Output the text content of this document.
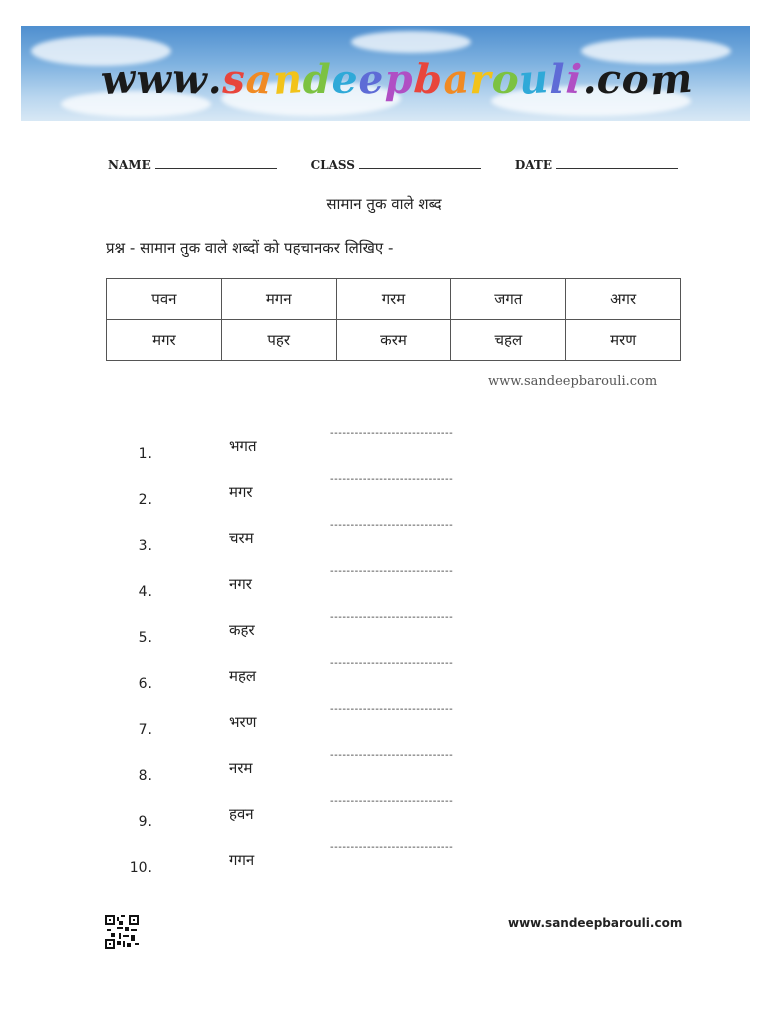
www.sandeepbarouli.com
NAME	CLASS	DATE
सामान तुक वाले शब्द
प्रश्न - सामान तुक वाले शब्दों को पहचानकर लिखिए -
पवन	मगन	गरम	जगत	अगर
मगर	पहर	करम	चहल	मरण
www.sandeepbarouli.com
1.	भगत
------------------------------
2.	मगर
------------------------------
3.	चरम
------------------------------
4.	नगर
------------------------------
5.	कहर
------------------------------
6.	महल
------------------------------
7.	भरण
------------------------------
8.	नरम
------------------------------
9.	हवन
------------------------------
10.	गगन
------------------------------
www.sandeepbarouli.com
